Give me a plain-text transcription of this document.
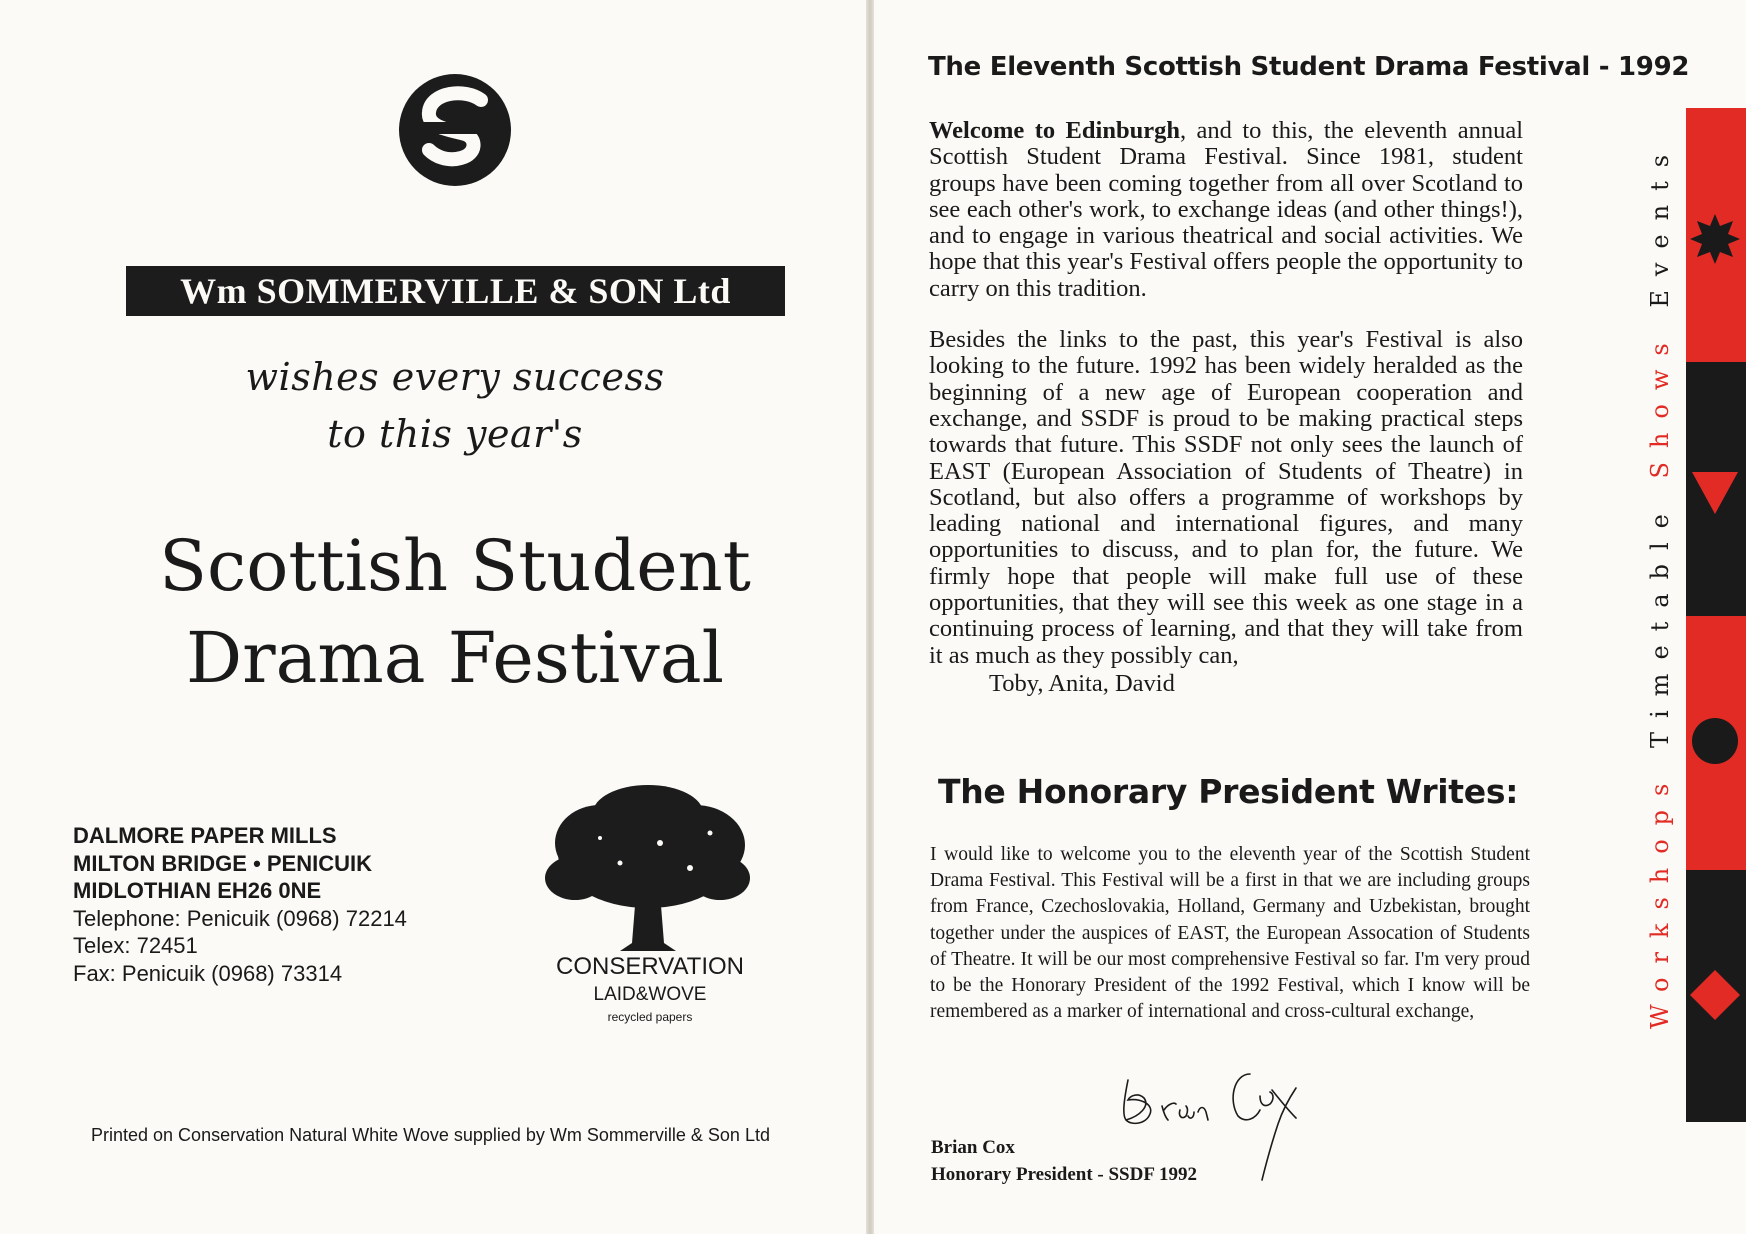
Wm SOMMERVILLE & SON Ltd
wishes every success
to this year's
Scottish Student Drama Festival
DALMORE PAPER MILLS
MILTON BRIDGE • PENICUIK
MIDLOTHIAN EH26 0NE
Telephone: Penicuik (0968) 72214
Telex: 72451
Fax: Penicuik (0968) 73314	CONSERVATION
LAID&WOVE
recycled papers
Printed on Conservation Natural White Wove supplied by Wm Sommerville & Son Ltd
The Eleventh Scottish Student Drama Festival - 1992

Welcome to Edinburgh, and to this, the eleventh annual Scottish Student Drama Festival. Since 1981, student groups have been coming together from all over Scotland to see each other's work, to exchange ideas (and other things!), and to engage in various theatrical and social activities. We hope that this year's Festival offers people the opportunity to carry on this tradition.

Besides the links to the past, this year's Festival is also looking to the future. 1992 has been widely heralded as the beginning of a new age of European cooperation and exchange, and SSDF is proud to be making practical steps towards that future. This SSDF not only sees the launch of EAST (European Association of Students of Theatre) in Scotland, but also offers a programme of workshops by leading national and international figures, and many opportunities to discuss, and to plan for, the future. We firmly hope that people will make full use of these opportunities, that they will see this week as one stage in a continuing process of learning, and that they will take from it as much as they possibly can,

Toby, Anita, David
The Honorary President Writes:
I would like to welcome you to the eleventh year of the Scottish Student Drama Festival. This Festival will be a first in that we are including groups from France, Czechoslovakia, Holland, Germany and Uzbekistan, brought together under the auspices of EAST, the European Assocation of Students of Theatre. It will be our most comprehensive Festival so far. I'm very proud to be the Honorary President of the 1992 Festival, which I know will be remembered as a marker of international and cross-cultural exchange,
Brian Cox
Honorary President - SSDF 1992
Workshops Timetable Shows Events
